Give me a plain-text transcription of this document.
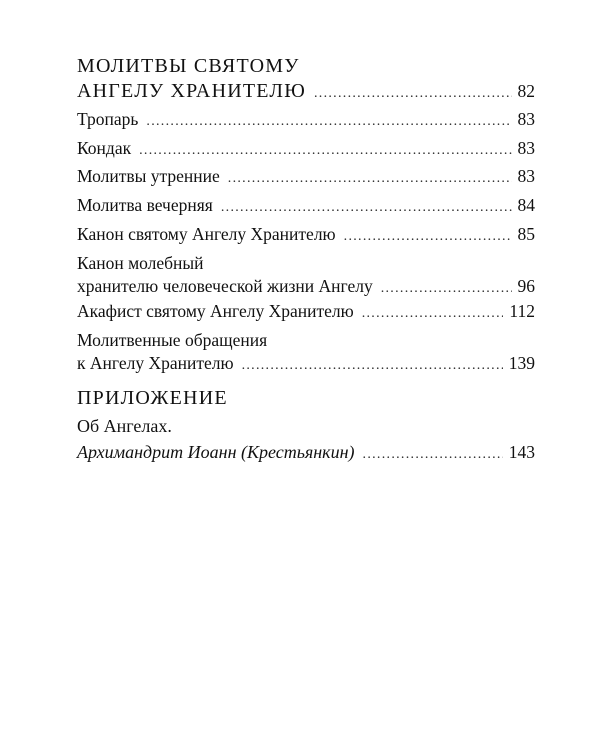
МОЛИТВЫ СВЯТОМУ
АНГЕЛУ ХРАНИТЕЛЮ .....	82
Тропарь .....	83
Кондак .....	83
Молитвы утренние .....	83
Молитва вечерняя .....	84
Канон святому Ангелу Хранителю .....	85
Канон молебный
хранителю человеческой жизни Ангелу .....	96
Акафист святому Ангелу Хранителю .....	112
Молитвенные обращения
к Ангелу Хранителю .....	139
ПРИЛОЖЕНИЕ
Об Ангелах.
Архимандрит Иоанн (Крестьянкин) .....	143
